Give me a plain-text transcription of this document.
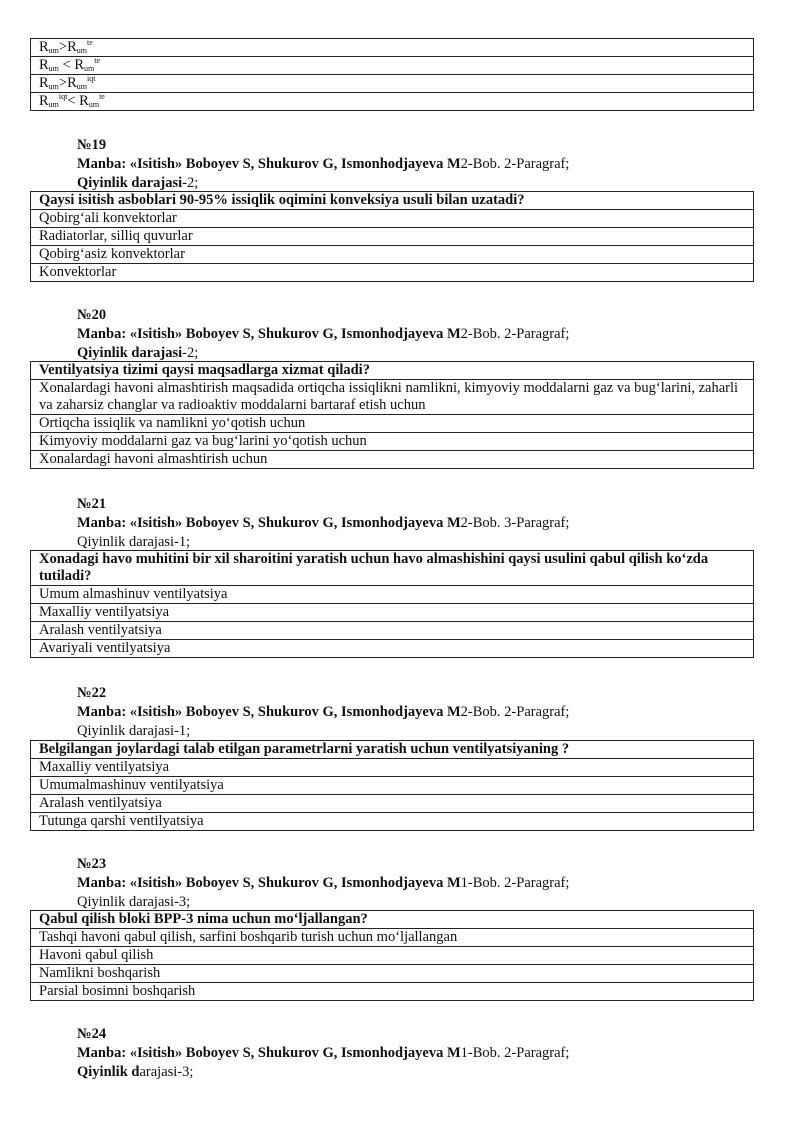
$R_{um}>R_{um}^{te}$
$R_{um} < R_{um}^{te}$
$R_{um}>R_{um}^{iqt}$
$R_{um}^{iqt}< R_{um}^{te}$
№19
Manba: «Isitish» Boboyev S, Shukurov G, Ismonhodjayeva M2-Bob. 2-Paragraf;
Qiyinlik darajasi-2;
Qaysi isitish asboblari 90-95% issiqlik oqimini konveksiya usuli bilan uzatadi?
Qobirg‘ali konvektorlar
Radiatorlar, silliq quvurlar
Qobirg‘asiz konvektorlar
Konvektorlar
№20
Manba: «Isitish» Boboyev S, Shukurov G, Ismonhodjayeva M2-Bob. 2-Paragraf;
Qiyinlik darajasi-2;
Ventilyatsiya tizimi qaysi maqsadlarga xizmat qiladi?
Xonalardagi havoni almashtirish maqsadida ortiqcha issiqlikni namlikni, kimyoviy moddalarni gaz va bug‘larini, zaharli va zaharsiz changlar va radioaktiv moddalarni bartaraf etish uchun
Ortiqcha issiqlik va namlikni yo‘qotish uchun
Kimyoviy moddalarni gaz va bug‘larini yo‘qotish uchun
Xonalardagi havoni almashtirish uchun
№21
Manba: «Isitish» Boboyev S, Shukurov G, Ismonhodjayeva M2-Bob. 3-Paragraf;
Qiyinlik darajasi-1;
Xonadagi havo muhitini bir xil sharoitini yaratish uchun havo almashishini qaysi usulini qabul qilish ko‘zda tutiladi?
Umum almashinuv ventilyatsiya
Maxalliy ventilyatsiya
Aralash ventilyatsiya
Avariyali ventilyatsiya
№22
Manba: «Isitish» Boboyev S, Shukurov G, Ismonhodjayeva M2-Bob. 2-Paragraf;
Qiyinlik darajasi-1;
Belgilangan joylardagi talab etilgan parametrlarni yaratish uchun ventilyatsiyaning ?
Maxalliy ventilyatsiya
Umumalmashinuv ventilyatsiya
Aralash ventilyatsiya
Tutunga qarshi ventilyatsiya
№23
Manba: «Isitish» Boboyev S, Shukurov G, Ismonhodjayeva M1-Bob. 2-Paragraf;
Qiyinlik darajasi-3;
Qabul qilish bloki BPP-3 nima uchun mo‘ljallangan?
Tashqi havoni qabul qilish, sarfini boshqarib turish uchun mo‘ljallangan
Havoni qabul qilish
Namlikni boshqarish
Parsial bosimni boshqarish
№24
Manba: «Isitish» Boboyev S, Shukurov G, Ismonhodjayeva M1-Bob. 2-Paragraf;
Qiyinlik darajasi-3;
